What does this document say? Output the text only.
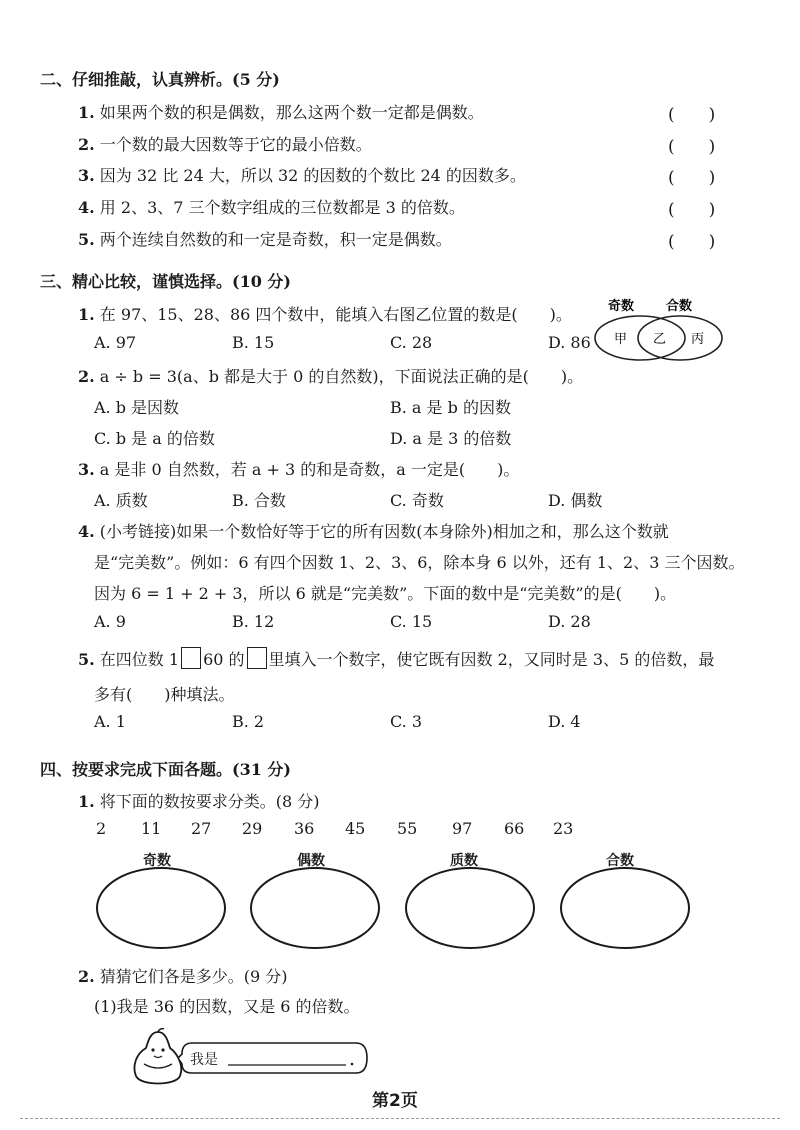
二、仔细推敲，认真辨析。(5 分)
1. 如果两个数的积是偶数，那么这两个数一定都是偶数。	(　　)
2. 一个数的最大因数等于它的最小倍数。	(　　)
3. 因为 32 比 24 大，所以 32 的因数的个数比 24 的因数多。	(　　)
4. 用 2、3、7 三个数字组成的三位数都是 3 的倍数。	(　　)
5. 两个连续自然数的和一定是奇数，积一定是偶数。	(　　)
三、精心比较，谨慎选择。(10 分)
1. 在 97、15、28、86 四个数中，能填入右图乙位置的数是(　　)。
A. 97	B. 15	C. 28	D. 86
奇数 合数
甲 乙 丙
2. a ÷ b = 3(a、b 都是大于 0 的自然数)，下面说法正确的是(　　)。
A. b 是因数	B. a 是 b 的因数
C. b 是 a 的倍数	D. a 是 3 的倍数
3. a 是非 0 自然数，若 a + 3 的和是奇数，a 一定是(　　)。
A. 质数	B. 合数	C. 奇数	D. 偶数
4. (小考链接)如果一个数恰好等于它的所有因数(本身除外)相加之和，那么这个数就
是“完美数”。例如：6 有四个因数 1、2、3、6，除本身 6 以外，还有 1、2、3 三个因数。
因为 6 = 1 + 2 + 3，所以 6 就是“完美数”。下面的数中是“完美数”的是(　　)。
A. 9	B. 12	C. 15	D. 28
5. 在四位数 1 60 的 里填入一个数字，使它既有因数 2，又同时是 3、5 的倍数，最
多有(　　)种填法。
A. 1	B. 2	C. 3	D. 4
四、按要求完成下面各题。(31 分)
1. 将下面的数按要求分类。(8 分)
2 11 27 29 36 45 55 97 66 23
奇数	偶数	质数	合数
2. 猜猜它们各是多少。(9 分)
(1)我是 36 的因数，又是 6 的倍数。
我是
第2页
